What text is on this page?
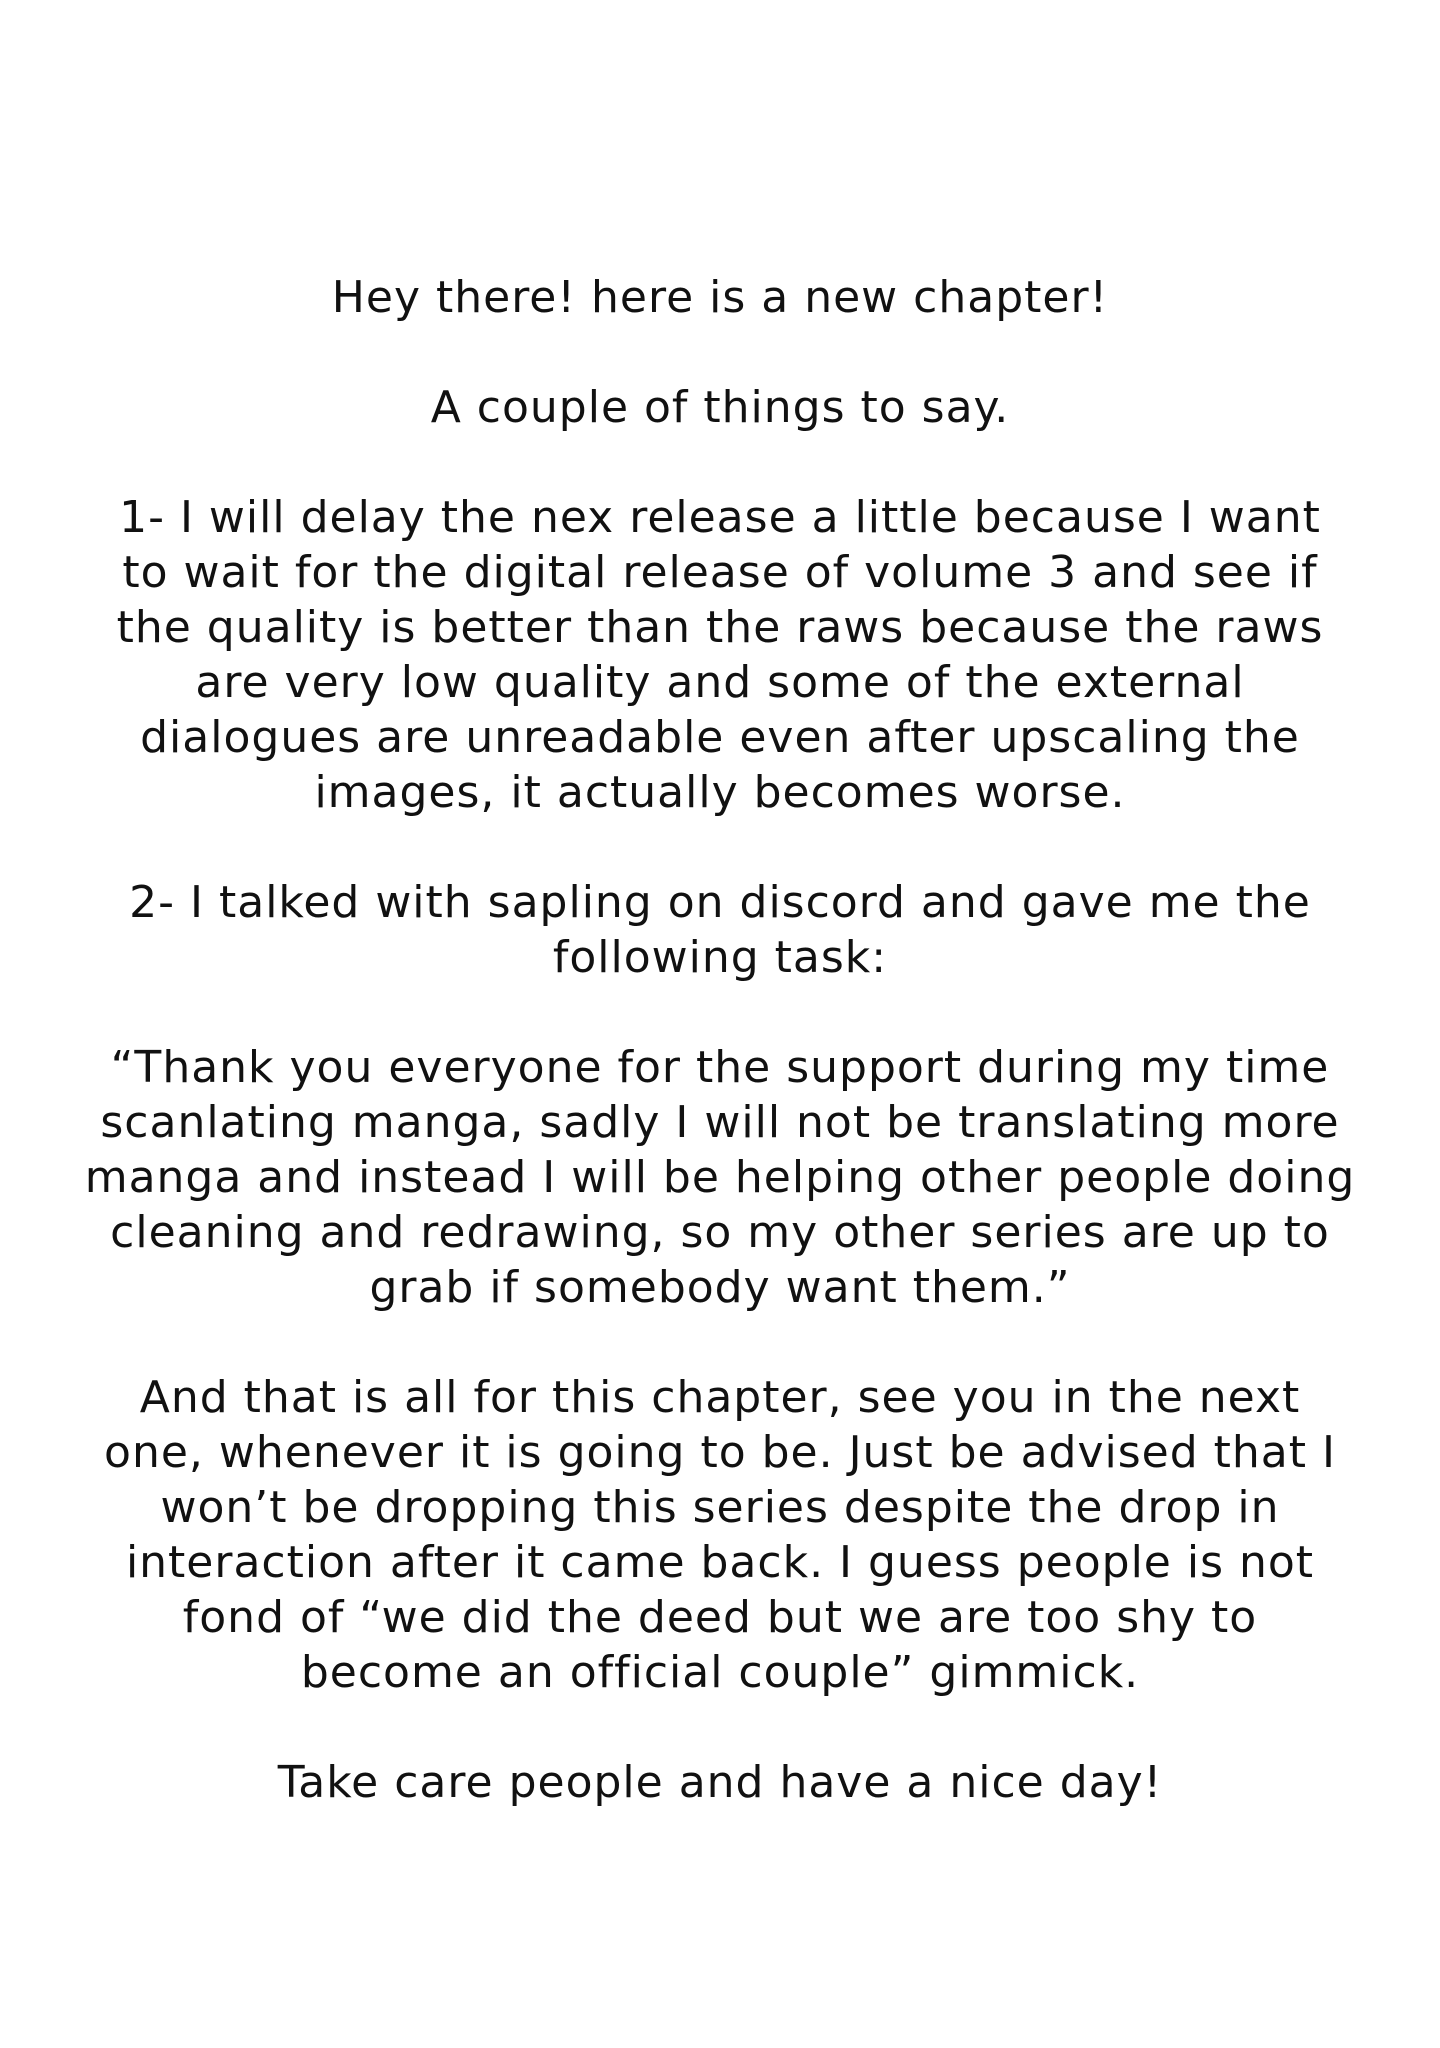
Hey there! here is a new chapter!

A couple of things to say.

1- I will delay the nex release a little because I want
to wait for the digital release of volume 3 and see if
the quality is better than the raws because the raws
are very low quality and some of the external
dialogues are unreadable even after upscaling the
images, it actually becomes worse.

2- I talked with sapling on discord and gave me the
following task:

“Thank you everyone for the support during my time
scanlating manga, sadly I will not be translating more
manga and instead I will be helping other people doing
cleaning and redrawing, so my other series are up to
grab if somebody want them.”

And that is all for this chapter, see you in the next
one, whenever it is going to be. Just be advised that I
won’t be dropping this series despite the drop in
interaction after it came back. I guess people is not
fond of “we did the deed but we are too shy to
become an official couple” gimmick.

Take care people and have a nice day!
